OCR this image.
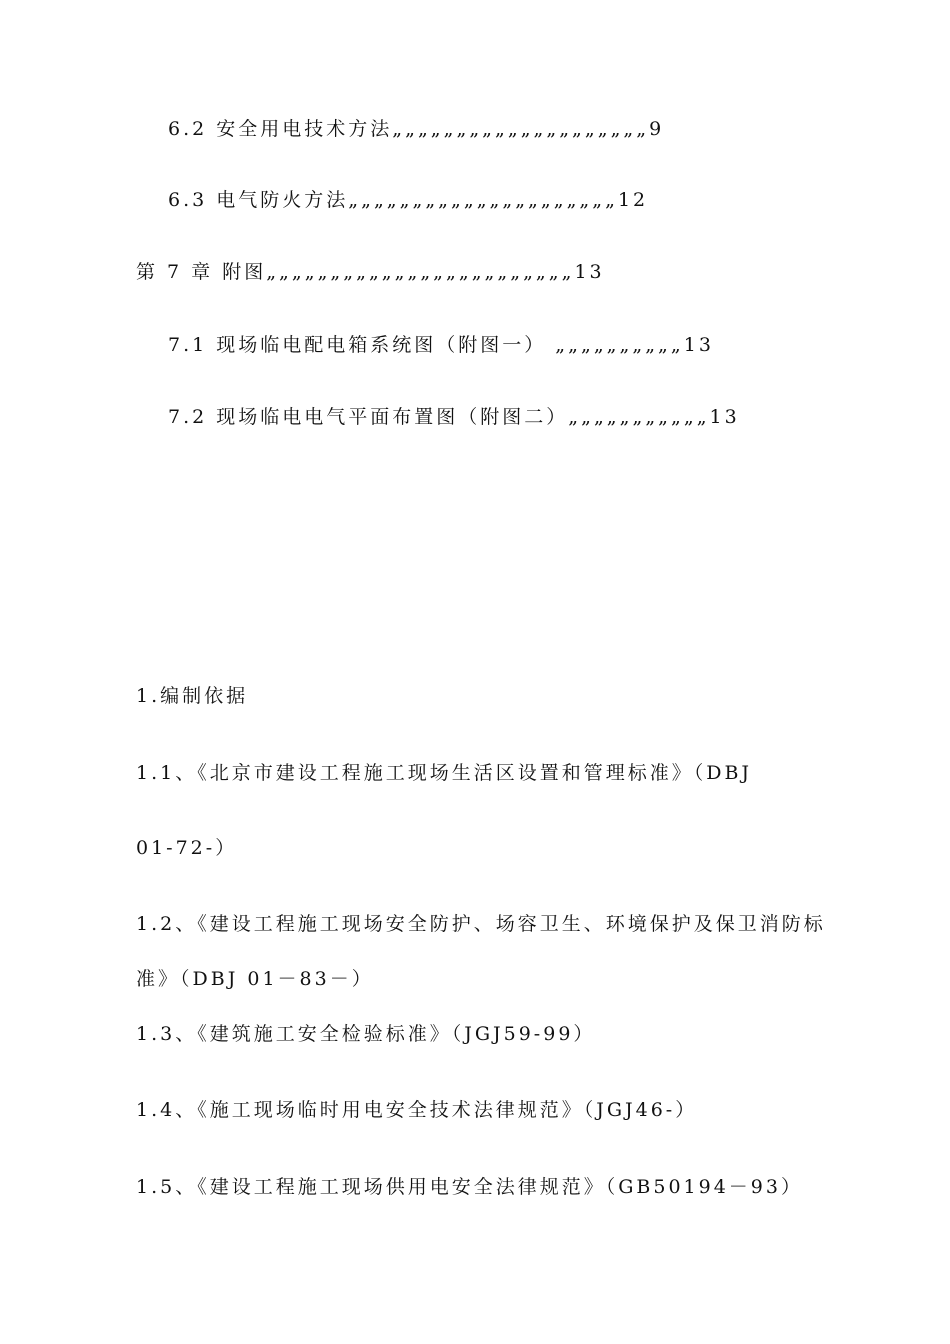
6.2 安全用电技术方法„„„„„„„„„„„„„„„„„„„„9
6.3 电气防火方法„„„„„„„„„„„„„„„„„„„„„12
第 7 章 附图„„„„„„„„„„„„„„„„„„„„„„„„13
7.1 现场临电配电箱系统图（附图一） „„„„„„„„„„13
7.2 现场临电电气平面布置图（附图二）„„„„„„„„„„„13
1.编制依据
1.1、《北京市建设工程施工现场生活区设置和管理标准》（DBJ
01-72-）
1.2、《建设工程施工现场安全防护、场容卫生、环境保护及保卫消防标
准》（DBJ 01－83－）
1.3、《建筑施工安全检验标准》（JGJ59-99）
1.4、《施工现场临时用电安全技术法律规范》（JGJ46-）
1.5、《建设工程施工现场供用电安全法律规范》（GB50194－93）
